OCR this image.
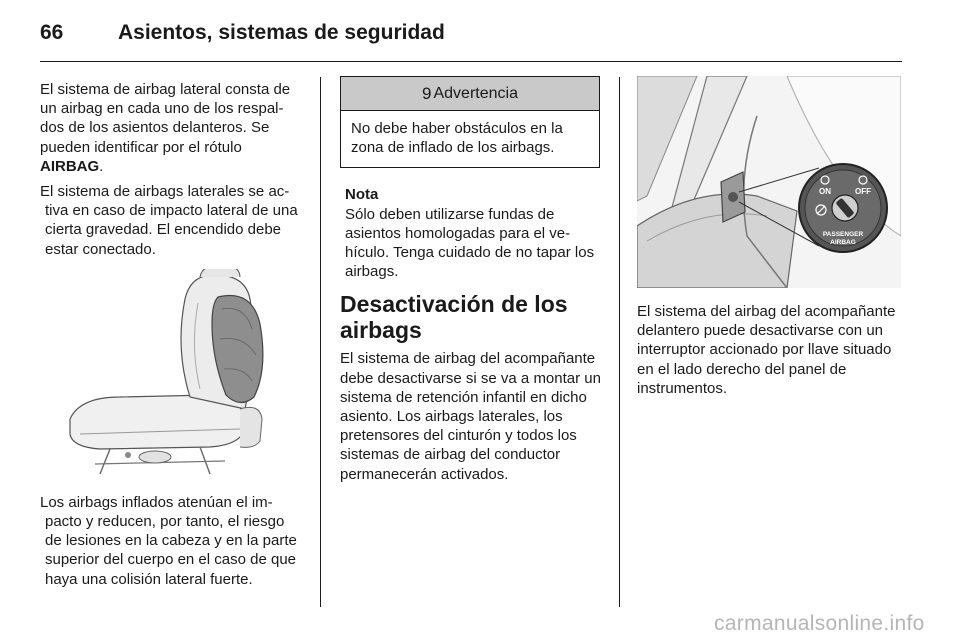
66	Asientos, sistemas de seguridad

El sistema de airbag lateral consta de un airbag en cada uno de los respaldos de los asientos delanteros. Se pueden identificar por el rótulo
AIRBAG.

El sistema de airbags laterales se activa en caso de impacto lateral de una cierta gravedad. El encendido debe estar conectado.

Los airbags inflados atenúan el impacto y reducen, por tanto, el riesgo de lesiones en la cabeza y en la parte superior del cuerpo en el caso de que haya una colisión lateral fuerte.

9 Advertencia
No debe haber obstáculos en la zona de inflado de los airbags.
Nota
Sólo deben utilizarse fundas de asientos homologadas para el vehículo. Tenga cuidado de no tapar los airbags.
Desactivación de los airbags

El sistema de airbag del acompañante debe desactivarse si se va a montar un sistema de retención infantil en dicho asiento. Los airbags laterales, los pretensores del cinturón y todos los sistemas de airbag del conductor permanecerán activados.

ON	OFF
PASSENGER
AIRBAG

El sistema del airbag del acompañante delantero puede desactivarse con un interruptor accionado por llave situado en el lado derecho del panel de instrumentos.

carmanualsonline.info
